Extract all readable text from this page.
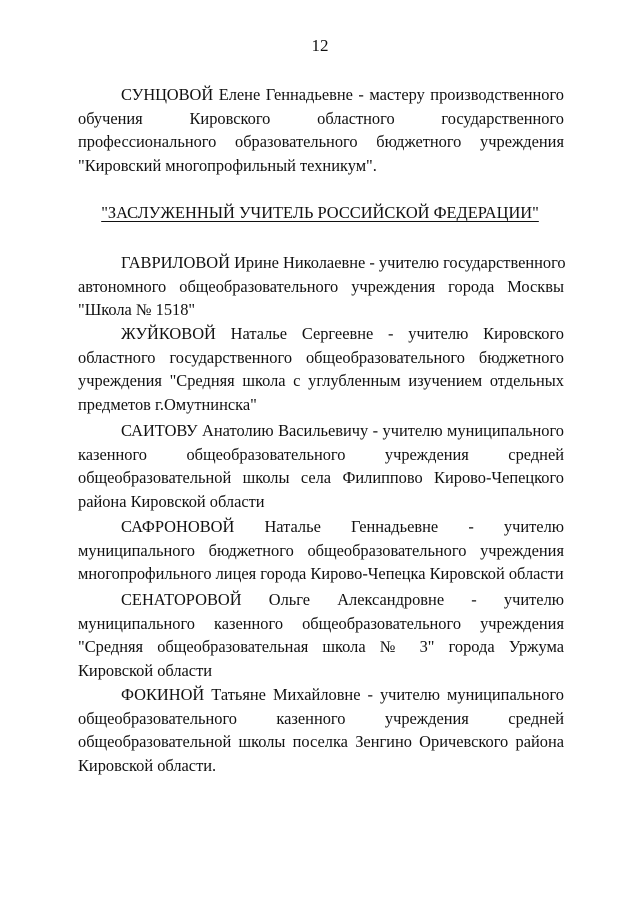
12
СУНЦОВОЙ Елене Геннадьевне - мастеру производственного
обучения Кировского областного государственного
профессионального образовательного бюджетного учреждения
"Кировский многопрофильный техникум".
"ЗАСЛУЖЕННЫЙ УЧИТЕЛЬ РОССИЙСКОЙ ФЕДЕРАЦИИ"
ГАВРИЛОВОЙ Ирине Николаевне - учителю государственного
автономного общеобразовательного учреждения города Москвы
"Школа № 1518"
ЖУЙКОВОЙ Наталье Сергеевне - учителю Кировского
областного государственного общеобразовательного бюджетного
учреждения "Средняя школа с углубленным изучением отдельных
предметов г.Омутнинска"
САИТОВУ Анатолию Васильевичу - учителю муниципального
казенного общеобразовательного учреждения средней
общеобразовательной школы села Филиппово Кирово-Чепецкого
района Кировской области
САФРОНОВОЙ Наталье Геннадьевне - учителю
муниципального бюджетного общеобразовательного учреждения
многопрофильного лицея города Кирово-Чепецка Кировской области
СЕНАТОРОВОЙ Ольге Александровне - учителю
муниципального казенного общеобразовательного учреждения
"Средняя общеобразовательная школа № 3" города Уржума
Кировской области
ФОКИНОЙ Татьяне Михайловне - учителю муниципального
общеобразовательного казенного учреждения средней
общеобразовательной школы поселка Зенгино Оричевского района
Кировской области.
